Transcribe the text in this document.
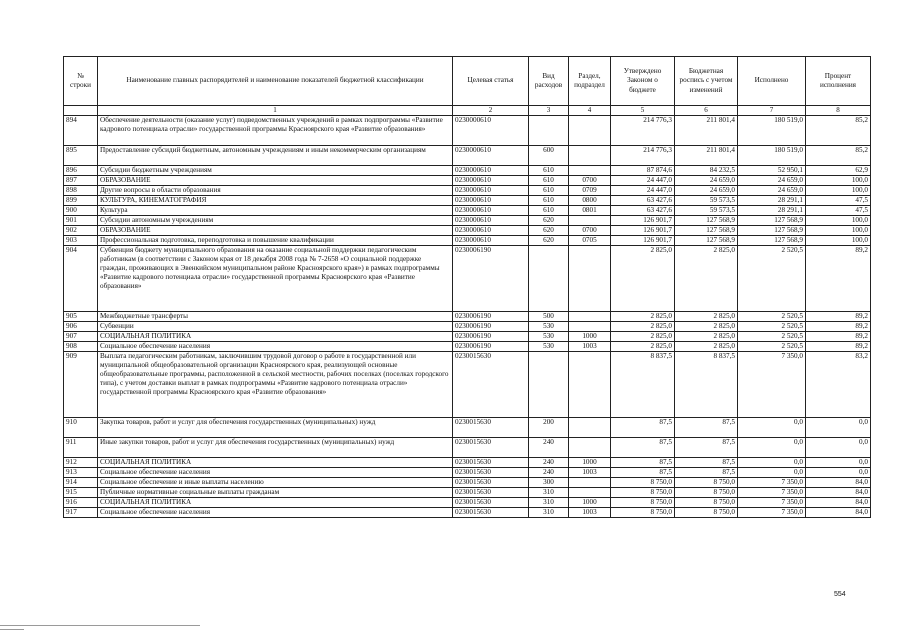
№ строки	Наименование главных распорядителей и наименование показателей бюджетной классификации	Целевая статья	Вид расходов	Раздел, подраздел	Утверждено Законом о бюджете	Бюджетная роспись с учетом изменений	Исполнено	Процент исполнения
	1	2	3	4	5	6	7	8
894	Обеспечение деятельности (оказание услуг) подведомственных учреждений в рамках подпрограммы «Развитие кадрового потенциала отрасли» государственной программы Красноярского края «Развитие образования»	0230000610			214 776,3	211 801,4	180 519,0	85,2
895	Предоставление субсидий бюджетным, автономным учреждениям и иным некоммерческим организациям	0230000610	600		214 776,3	211 801,4	180 519,0	85,2
896	Субсидии бюджетным учреждениям	0230000610	610		87 874,6	84 232,5	52 950,1	62,9
897	ОБРАЗОВАНИЕ	0230000610	610	0700	24 447,0	24 659,0	24 659,0	100,0
898	Другие вопросы в области образования	0230000610	610	0709	24 447,0	24 659,0	24 659,0	100,0
899	КУЛЬТУРА, КИНЕМАТОГРАФИЯ	0230000610	610	0800	63 427,6	59 573,5	28 291,1	47,5
900	Культура	0230000610	610	0801	63 427,6	59 573,5	28 291,1	47,5
901	Субсидии автономным учреждениям	0230000610	620		126 901,7	127 568,9	127 568,9	100,0
902	ОБРАЗОВАНИЕ	0230000610	620	0700	126 901,7	127 568,9	127 568,9	100,0
903	Профессиональная подготовка, переподготовка и повышение квалификации	0230000610	620	0705	126 901,7	127 568,9	127 568,9	100,0
904	Субвенция бюджету муниципального образования на оказание социальной поддержки педагогическим работникам (в соответствии с Законом края от 18 декабря 2008 года № 7-2658 «О социальной поддержке граждан, проживающих в Эвенкийском муниципальном районе Красноярского края») в рамках подпрограммы «Развитие кадрового потенциала отрасли» государственной программы Красноярского края «Развитие образования»	0230006190			2 825,0	2 825,0	2 520,5	89,2
905	Межбюджетные трансферты	0230006190	500		2 825,0	2 825,0	2 520,5	89,2
906	Субвенции	0230006190	530		2 825,0	2 825,0	2 520,5	89,2
907	СОЦИАЛЬНАЯ ПОЛИТИКА	0230006190	530	1000	2 825,0	2 825,0	2 520,5	89,2
908	Социальное обеспечение населения	0230006190	530	1003	2 825,0	2 825,0	2 520,5	89,2
909	Выплата педагогическим работникам, заключившим трудовой договор о работе в государственной или муниципальной общеобразовательной организации Красноярского края, реализующей основные общеобразовательные программы, расположенной в сельской местности, рабочих поселках (поселках городского типа), с учетом доставки выплат в рамках подпрограммы «Развитие кадрового потенциала отрасли» государственной программы Красноярского края «Развитие образования»	0230015630			8 837,5	8 837,5	7 350,0	83,2
910	Закупка товаров, работ и услуг для обеспечения государственных (муниципальных) нужд	0230015630	200		87,5	87,5	0,0	0,0
911	Иные закупки товаров, работ и услуг для обеспечения государственных (муниципальных) нужд	0230015630	240		87,5	87,5	0,0	0,0
912	СОЦИАЛЬНАЯ ПОЛИТИКА	0230015630	240	1000	87,5	87,5	0,0	0,0
913	Социальное обеспечение населения	0230015630	240	1003	87,5	87,5	0,0	0,0
914	Социальное обеспечение и иные выплаты населению	0230015630	300		8 750,0	8 750,0	7 350,0	84,0
915	Публичные нормативные социальные выплаты гражданам	0230015630	310		8 750,0	8 750,0	7 350,0	84,0
916	СОЦИАЛЬНАЯ ПОЛИТИКА	0230015630	310	1000	8 750,0	8 750,0	7 350,0	84,0
917	Социальное обеспечение населения	0230015630	310	1003	8 750,0	8 750,0	7 350,0	84,0
554
